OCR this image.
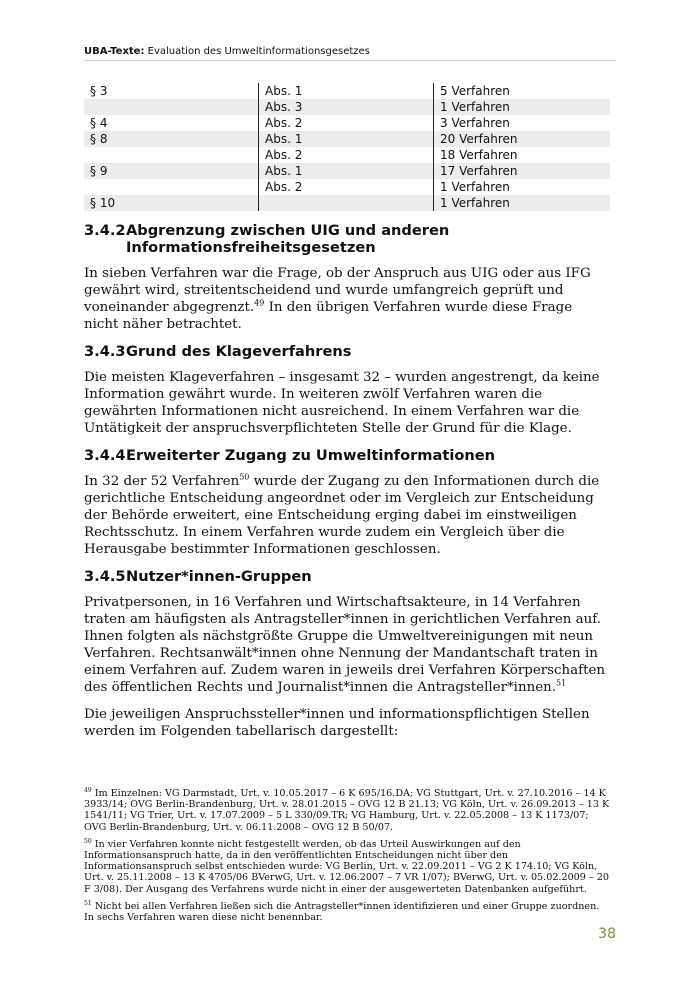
UBA-Texte: Evaluation des Umweltinformationsgesetzes
§ 3	Abs. 1	5 Verfahren
	Abs. 3	1 Verfahren
§ 4	Abs. 2	3 Verfahren
§ 8	Abs. 1	20 Verfahren
	Abs. 2	18 Verfahren
§ 9	Abs. 1	17 Verfahren
	Abs. 2	1 Verfahren
§ 10		1 Verfahren
3.4.2 Abgrenzung zwischen UIG und anderen Informationsfreiheitsgesetzen

In sieben Verfahren war die Frage, ob der Anspruch aus UIG oder aus IFG gewährt wird, streitentscheidend und wurde umfangreich geprüft und voneinander abgegrenzt.$^{49}$ In den übrigen Verfahren wurde diese Frage nicht näher betrachtet.

3.4.3 Grund des Klageverfahrens

Die meisten Klageverfahren – insgesamt 32 – wurden angestrengt, da keine Information gewährt wurde. In weiteren zwölf Verfahren waren die gewährten Informationen nicht ausreichend. In einem Verfahren war die Untätigkeit der anspruchsverpflichteten Stelle der Grund für die Klage.

3.4.4 Erweiterter Zugang zu Umweltinformationen

In 32 der 52 Verfahren$^{50}$ wurde der Zugang zu den Informationen durch die gerichtliche Entscheidung angeordnet oder im Vergleich zur Entscheidung der Behörde erweitert, eine Entscheidung erging dabei im einstweiligen Rechtsschutz. In einem Verfahren wurde zudem ein Vergleich über die Herausgabe bestimmter Informationen geschlossen.

3.4.5 Nutzer*innen-Gruppen

Privatpersonen, in 16 Verfahren und Wirtschaftsakteure, in 14 Verfahren traten am häufigsten als Antragsteller*innen in gerichtlichen Verfahren auf. Ihnen folgten als nächstgrößte Gruppe die Umweltvereinigungen mit neun Verfahren. Rechtsanwält*innen ohne Nennung der Mandantschaft traten in einem Verfahren auf. Zudem waren in jeweils drei Verfahren Körperschaften des öffentlichen Rechts und Journalist*innen die Antragsteller*innen.$^{51}$

Die jeweiligen Anspruchssteller*innen und informationspflichtigen Stellen werden im Folgenden tabellarisch dargestellt:

$^{49}$ Im Einzelnen: VG Darmstadt, Urt. v. 10.05.2017 – 6 K 695/16.DA; VG Stuttgart, Urt. v. 27.10.2016 – 14 K 3933/14; OVG Berlin-Brandenburg, Urt. v. 28.01.2015 – OVG 12 B 21.13; VG Köln, Urt. v. 26.09.2013 – 13 K 1541/11; VG Trier, Urt. v. 17.07.2009 – 5 L 330/09.TR; VG Hamburg, Urt. v. 22.05.2008 – 13 K 1173/07; OVG Berlin-Brandenburg, Urt. v. 06.11.2008 – OVG 12 B 50/07.

$^{50}$ In vier Verfahren konnte nicht festgestellt werden, ob das Urteil Auswirkungen auf den Informationsanspruch hatte, da in den veröffentlichten Entscheidungen nicht über den Informationsanspruch selbst entschieden wurde: VG Berlin, Urt. v. 22.09.2011 – VG 2 K 174.10; VG Köln, Urt. v. 25.11.2008 – 13 K 4705/06 BVerwG, Urt. v. 12.06.2007 – 7 VR 1/07); BVerwG, Urt. v. 05.02.2009 – 20 F 3/08). Der Ausgang des Verfahrens wurde nicht in einer der ausgewerteten Datenbanken aufgeführt.

$^{51}$ Nicht bei allen Verfahren ließen sich die Antragsteller*innen identifizieren und einer Gruppe zuordnen. In sechs Verfahren waren diese nicht benennbar.

38
